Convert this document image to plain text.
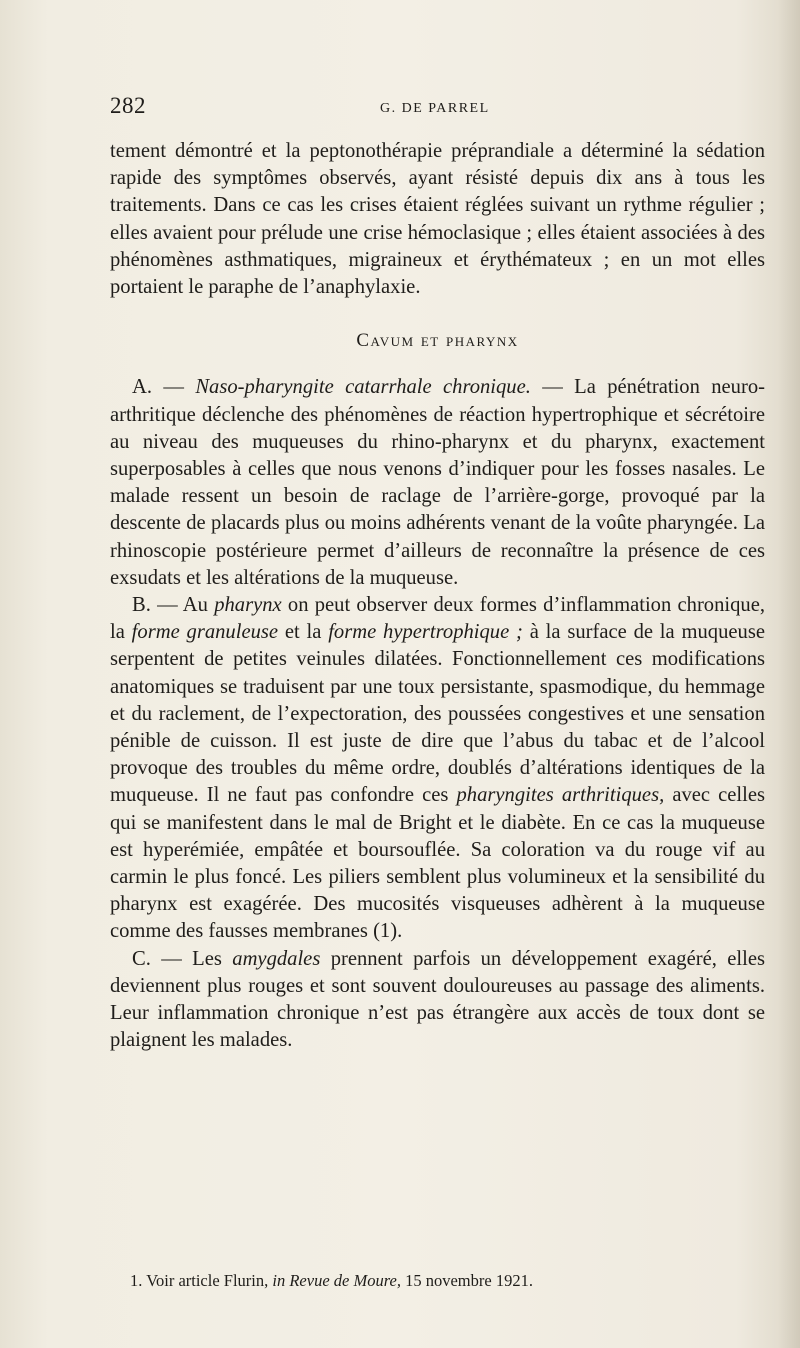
282	G. DE PARREL

tement démontré et la peptonothérapie préprandiale a déterminé la sédation rapide des symptômes observés, ayant résisté depuis dix ans à tous les traitements. Dans ce cas les crises étaient réglées suivant un rythme régulier ; elles avaient pour prélude une crise hémoclasique ; elles étaient associées à des phénomènes asthmatiques, migraineux et érythémateux ; en un mot elles portaient le paraphe de l’anaphylaxie.

Cavum et pharynx

A. — Naso-pharyngite catarrhale chronique. — La pénétration neuro-arthritique déclenche des phénomènes de réaction hypertrophique et sécrétoire au niveau des muqueuses du rhino-pharynx et du pharynx, exactement superposables à celles que nous venons d’indiquer pour les fosses nasales. Le malade ressent un besoin de raclage de l’arrière-gorge, provoqué par la descente de placards plus ou moins adhérents venant de la voûte pharyngée. La rhinoscopie postérieure permet d’ailleurs de reconnaître la présence de ces exsudats et les altérations de la muqueuse.

B. — Au pharynx on peut observer deux formes d’inflammation chronique, la forme granuleuse et la forme hypertrophique ; à la surface de la muqueuse serpentent de petites veinules dilatées. Fonctionnellement ces modifications anatomiques se traduisent par une toux persistante, spasmodique, du hemmage et du raclement, de l’expectoration, des poussées congestives et une sensation pénible de cuisson. Il est juste de dire que l’abus du tabac et de l’alcool provoque des troubles du même ordre, doublés d’altérations identiques de la muqueuse. Il ne faut pas confondre ces pharyngites arthritiques, avec celles qui se manifestent dans le mal de Bright et le diabète. En ce cas la muqueuse est hyperémiée, empâtée et boursouflée. Sa coloration va du rouge vif au carmin le plus foncé. Les piliers semblent plus volumineux et la sensibilité du pharynx est exagérée. Des mucosités visqueuses adhèrent à la muqueuse comme des fausses membranes (1).

C. — Les amygdales prennent parfois un développement exagéré, elles deviennent plus rouges et sont souvent douloureuses au passage des aliments. Leur inflammation chronique n’est pas étrangère aux accès de toux dont se plaignent les malades.

1. Voir article Flurin, in Revue de Moure, 15 novembre 1921.
